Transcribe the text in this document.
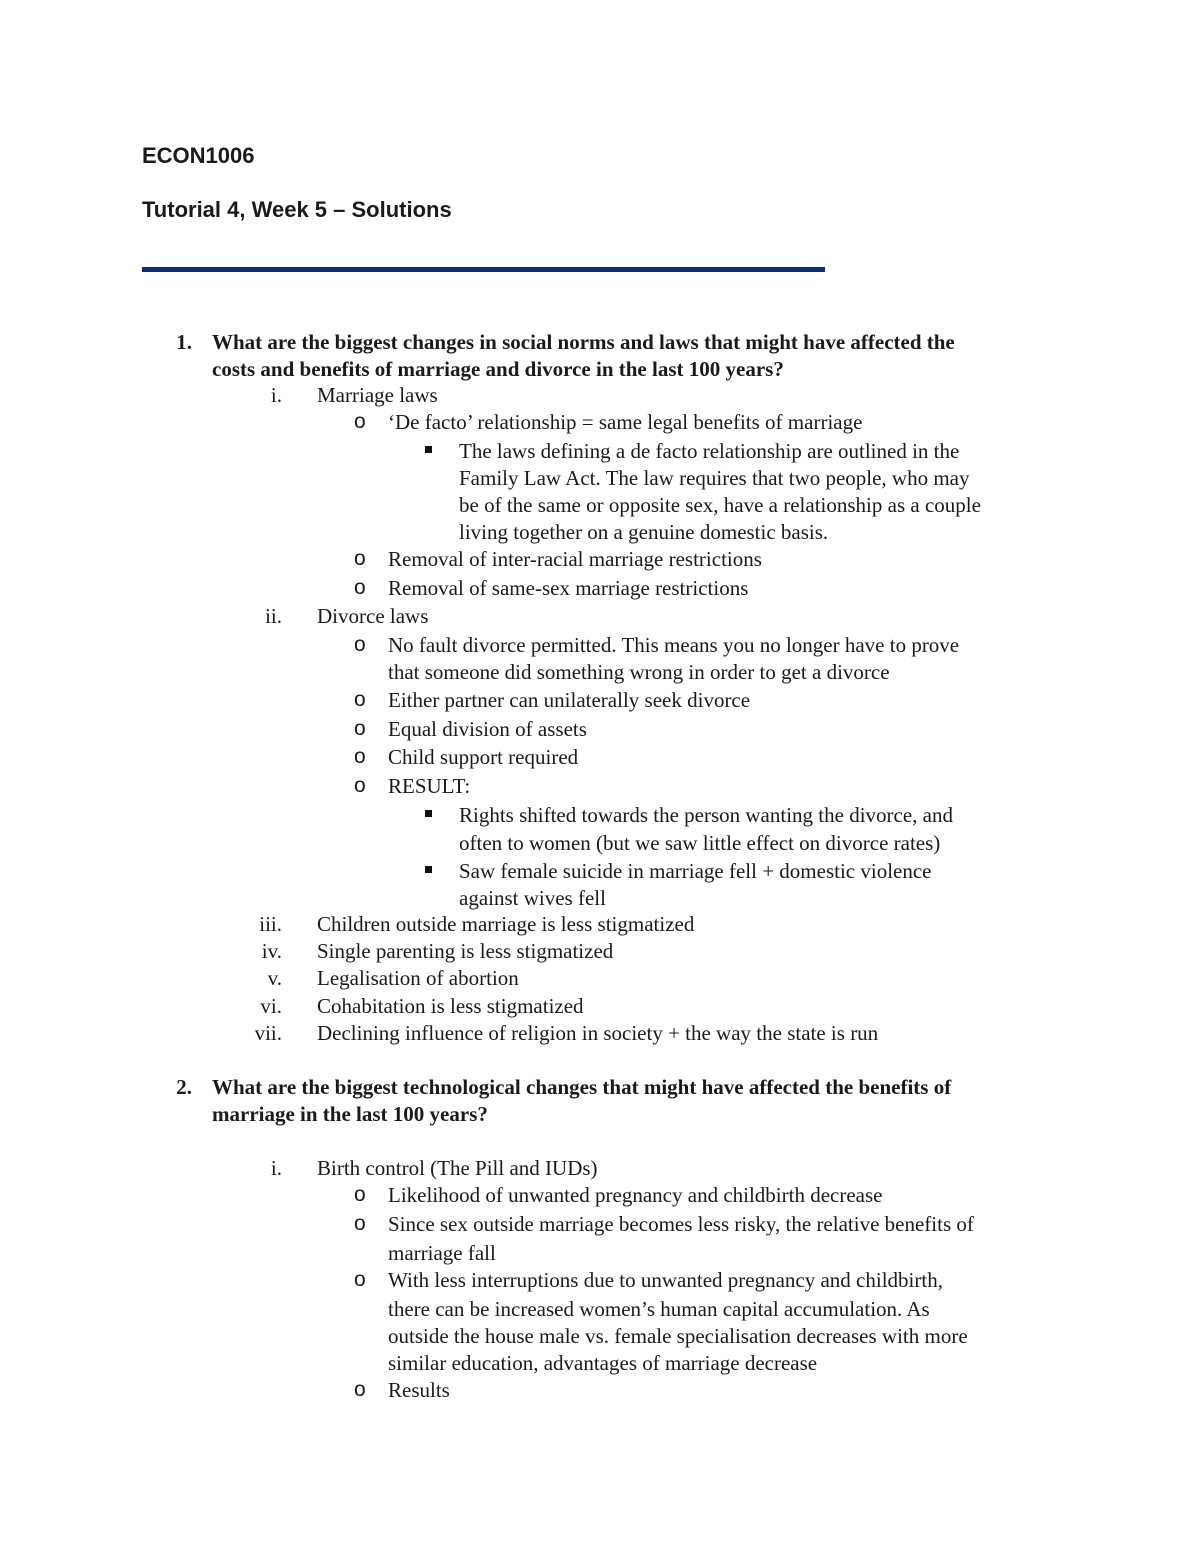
ECON1006
Tutorial 4, Week 5 – Solutions
1. What are the biggest changes in social norms and laws that might have affected the
costs and benefits of marriage and divorce in the last 100 years?
i. Marriage laws
o ‘De facto’ relationship = same legal benefits of marriage
The laws defining a de facto relationship are outlined in the
Family Law Act. The law requires that two people, who may
be of the same or opposite sex, have a relationship as a couple
living together on a genuine domestic basis.
o Removal of inter-racial marriage restrictions
o Removal of same-sex marriage restrictions
ii. Divorce laws
o No fault divorce permitted. This means you no longer have to prove
that someone did something wrong in order to get a divorce
o Either partner can unilaterally seek divorce
o Equal division of assets
o Child support required
o RESULT:
Rights shifted towards the person wanting the divorce, and
often to women (but we saw little effect on divorce rates)
Saw female suicide in marriage fell + domestic violence
against wives fell
iii. Children outside marriage is less stigmatized
iv. Single parenting is less stigmatized
v. Legalisation of abortion
vi. Cohabitation is less stigmatized
vii. Declining influence of religion in society + the way the state is run
2. What are the biggest technological changes that might have affected the benefits of
marriage in the last 100 years?
i. Birth control (The Pill and IUDs)
o Likelihood of unwanted pregnancy and childbirth decrease
o Since sex outside marriage becomes less risky, the relative benefits of
marriage fall
o With less interruptions due to unwanted pregnancy and childbirth,
there can be increased women’s human capital accumulation. As
outside the house male vs. female specialisation decreases with more
similar education, advantages of marriage decrease
o Results
